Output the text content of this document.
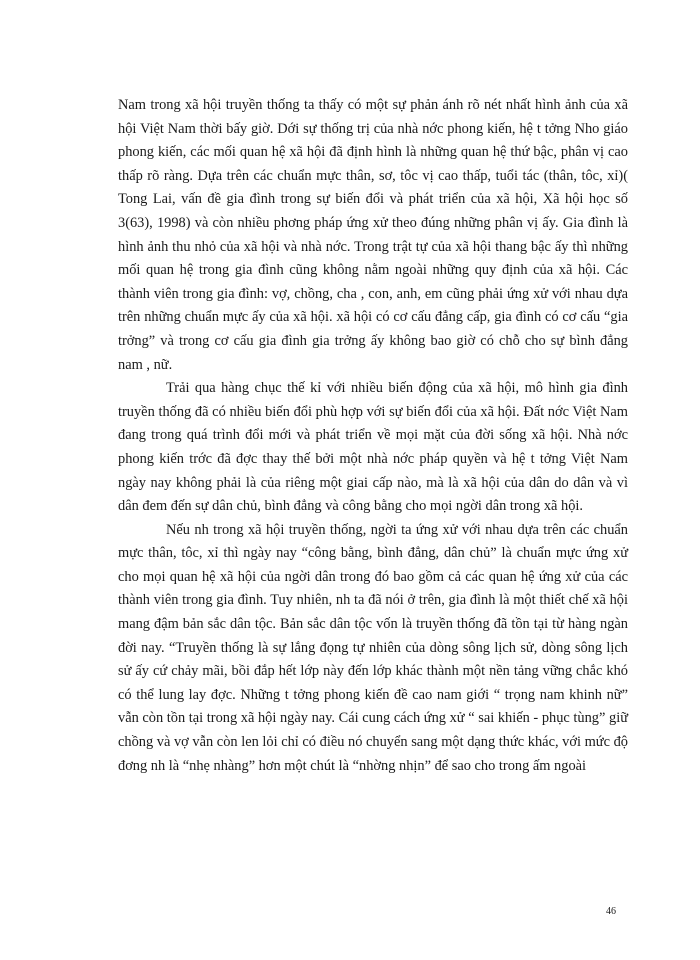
Nam trong xã hội truyền thống ta thấy có một sự phản ánh rõ nét nhất hình ảnh của xã hội Việt Nam thời bấy giờ. Dới sự thống trị của nhà nớc phong kiến, hệ t tởng Nho giáo phong kiến, các mối quan hệ xã hội đã định hình là những quan hệ thứ bậc, phân vị cao thấp rõ ràng. Dựa trên các chuẩn mực thân, sơ, tôc vị cao thấp, tuổi tác (thân, tôc, xỉ)( Tong Lai, vấn đề gia đình trong sự biến đổi và phát triển của xã hội, Xã hội học số 3(63), 1998) và còn nhiều phơng pháp ứng xử theo đúng những phân vị ấy. Gia đình là hình ảnh thu nhỏ của xã hội và nhà nớc. Trong trật tự của xã hội thang bậc ấy thì những mối quan hệ trong gia đình cũng không nằm ngoài những quy định của xã hội. Các thành viên trong gia đình: vợ, chồng, cha , con, anh, em cũng phải ứng xử với nhau dựa trên những chuẩn mực ấy của xã hội. xã hội có cơ cấu đẳng cấp, gia đình có cơ cấu “gia trởng” và trong cơ cấu gia đình gia trởng ấy không bao giờ có chỗ cho sự bình đẳng nam , nữ.

Trải qua hàng chục thế kỉ với nhiều biến động của xã hội, mô hình gia đình truyền thống đã có nhiều biến đổi phù hợp với sự biến đổi của xã hội. Đất nớc Việt Nam đang trong quá trình đổi mới và phát triển về mọi mặt của đời sống xã hội. Nhà nớc phong kiến trớc đã đợc thay thế bởi một nhà nớc pháp quyền và hệ t tởng Việt Nam ngày nay không phải là của riêng một giai cấp nào, mà là xã hội của dân do dân và vì dân đem đến sự dân chủ, bình đẳng và công bằng cho mọi ngời dân trong xã hội.

Nếu nh trong xã hội truyền thống, ngời ta ứng xử với nhau dựa trên các chuẩn mực thân, tôc, xỉ thì ngày nay “công bằng, bình đẳng, dân chủ” là chuẩn mực ứng xử cho mọi quan hệ xã hội của ngời dân trong đó bao gồm cả các quan hệ ứng xử của các thành viên trong gia đình. Tuy nhiên, nh ta đã nói ở trên, gia đình là một thiết chế xã hội mang đậm bản sắc dân tộc. Bản sắc dân tộc vốn là truyền thống đã tồn tại từ hàng ngàn đời nay. “Truyền thống là sự lắng đọng tự nhiên của dòng sông lịch sử, dòng sông lịch sử ấy cứ chảy mãi, bồi đắp hết lớp này đến lớp khác thành một nền tảng vững chắc khó có thể lung lay đợc. Những t tởng phong kiến đề cao nam giới “ trọng nam khinh nữ” vẫn còn tồn tại trong xã hội ngày nay. Cái cung cách ứng xử “ sai khiến - phục tùng” giữ chồng và vợ vẫn còn len lỏi chỉ có điều nó chuyển sang một dạng thức khác, với mức độ đơng nh là “nhẹ nhàng” hơn một chút là “nhờng nhịn” để sao cho trong ấm ngoài

46
